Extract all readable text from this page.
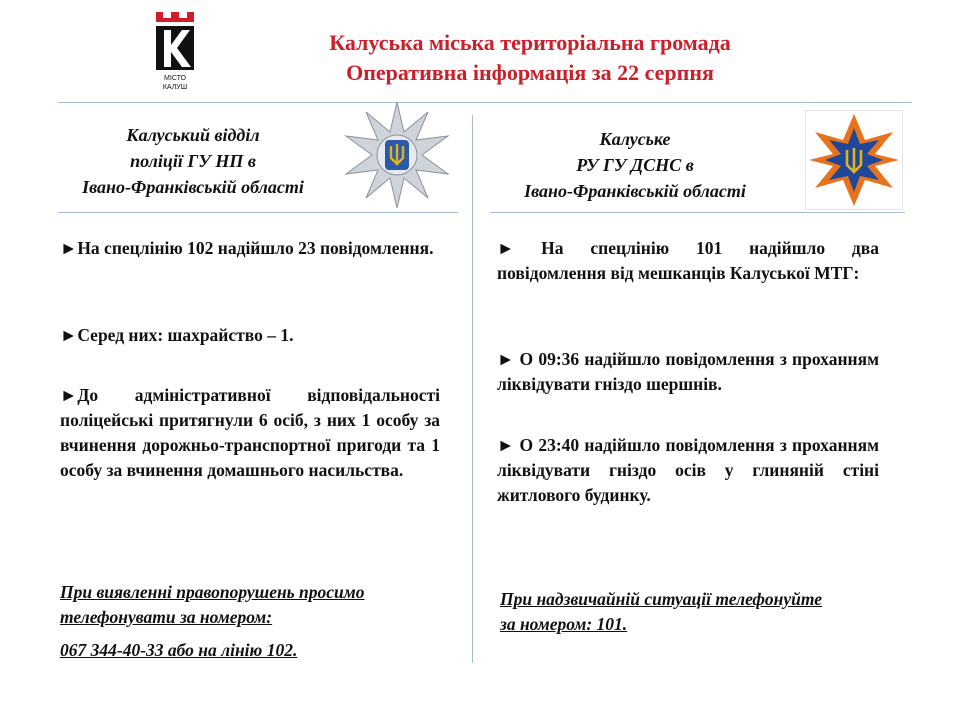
МІСТО
КАЛУШ
Калуська міська територіальна громада
Оперативна інформація за 22 серпня
Калуський відділ
поліції ГУ НП в
Івано-Франківській області
Калуське
РУ ГУ ДСНС в
Івано-Франківській області
►На спецлінію 102 надійшло 23 повідомлення.
►Серед них: шахрайство – 1.
►До адміністративної відповідальності поліцейські притягнули 6 осіб, з них 1 особу за вчинення дорожньо-транспортної пригоди та 1 особу за вчинення домашнього насильства.
При виявленні правопорушень просимо
телефонувати за номером:
067 344-40-33 або на лінію 102.
► На спецлінію 101 надійшло два повідомлення від мешканців Калуської МТГ:
► О 09:36 надійшло повідомлення з проханням ліквідувати гніздо шершнів.
► О 23:40 надійшло повідомлення з проханням ліквідувати гніздо осів у глиняній стіні житлового будинку.
При надзвичайній ситуації телефонуйте
за номером: 101.
